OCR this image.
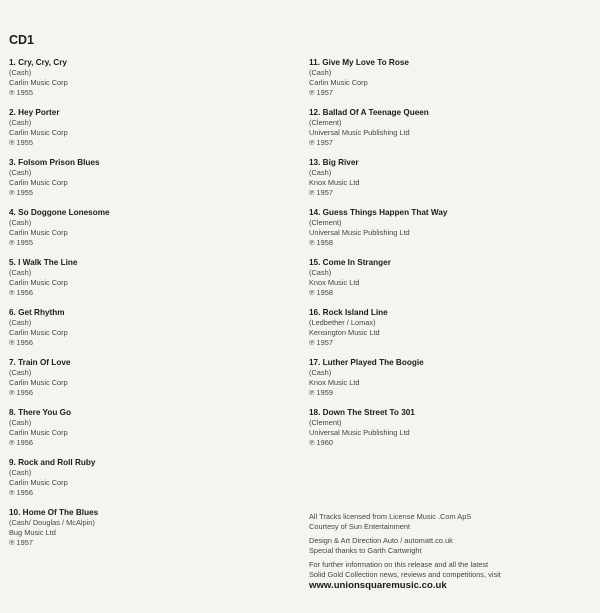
CD1
1. Cry, Cry, Cry
(Cash)
Carlin Music Corp
℗ 1955
2. Hey Porter
(Cash)
Carlin Music Corp
℗ 1955
3. Folsom Prison Blues
(Cash)
Carlin Music Corp
℗ 1955
4. So Doggone Lonesome
(Cash)
Carlin Music Corp
℗ 1955
5. I Walk The Line
(Cash)
Carlin Music Corp
℗ 1956
6. Get Rhythm
(Cash)
Carlin Music Corp
℗ 1956
7. Train Of Love
(Cash)
Carlin Music Corp
℗ 1956
8. There You Go
(Cash)
Carlin Music Corp
℗ 1956
9. Rock and Roll Ruby
(Cash)
Carlin Music Corp
℗ 1956
10. Home Of The Blues
(Cash/ Douglas / McAlpin)
Bug Music Ltd
℗ 1957
11. Give My Love To Rose
(Cash)
Carlin Music Corp
℗ 1957
12. Ballad Of A Teenage Queen
(Clement)
Universal Music Publishing Ltd
℗ 1957
13. Big River
(Cash)
Knox Music Ltd
℗ 1957
14. Guess Things Happen That Way
(Clement)
Universal Music Publishing Ltd
℗ 1958
15. Come In Stranger
(Cash)
Knox Music Ltd
℗ 1958
16. Rock Island Line
(Ledbether / Lomax)
Kensington Music Ltd
℗ 1957
17. Luther Played The Boogie
(Cash)
Knox Music Ltd
℗ 1959
18. Down The Street To 301
(Clement)
Universal Music Publishing Ltd
℗ 1960
All Tracks licensed from License Music .Com ApS
Courtesy of Sun Entertainment
Design & Art Direction Auto / automatt.co.uk
Special thanks to Garth Cartwright
For further information on this release and all the latest
Solid Gold Collection news, reviews and competitions, visit
www.unionsquaremusic.co.uk
